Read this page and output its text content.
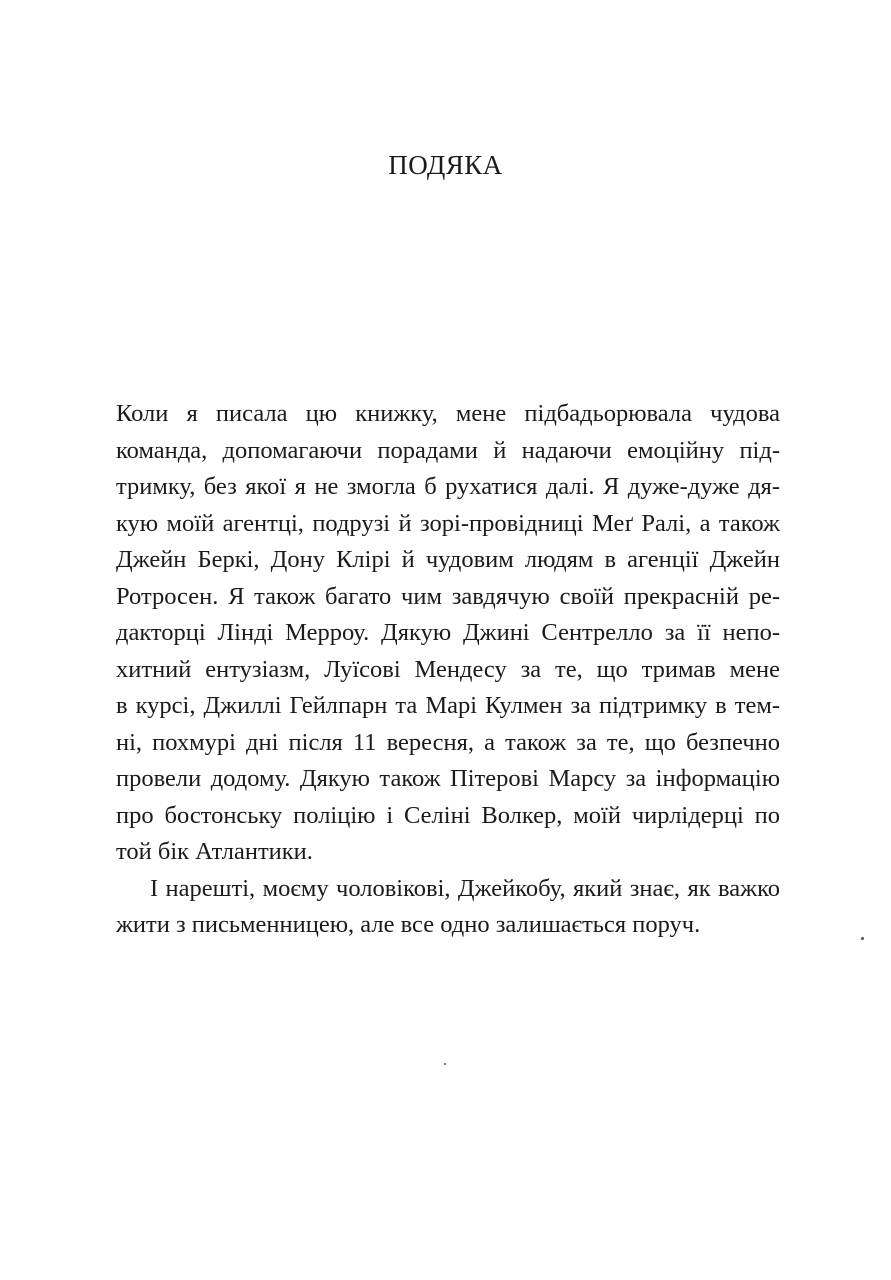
ПОДЯКА
Коли я писала цю книжку, мене підбадьорювала чудова
команда, допомагаючи порадами й надаючи емоційну під-
тримку, без якої я не змогла б рухатися далі. Я дуже-дуже дя-
кую моїй агентці, подрузі й зорі-провідниці Меґ Ралі, а також
Джейн Беркі, Дону Клірі й чудовим людям в агенції Джейн
Ротросен. Я також багато чим завдячую своїй прекрасній ре-
дакторці Лінді Мерроу. Дякую Джині Сентрелло за її непо-
хитний ентузіазм, Луїсові Мендесу за те, що тримав мене
в курсі, Джиллі Гейлпарн та Марі Кулмен за підтримку в тем-
ні, похмурі дні після 11 вересня, а також за те, що безпечно
провели додому. Дякую також Пітерові Марсу за інформацію
про бостонську поліцію і Селіні Волкер, моїй чирлідерці по
той бік Атлантики.
І нарешті, моєму чоловікові, Джейкобу, який знає, як важко
жити з письменницею, але все одно залишається поруч.
